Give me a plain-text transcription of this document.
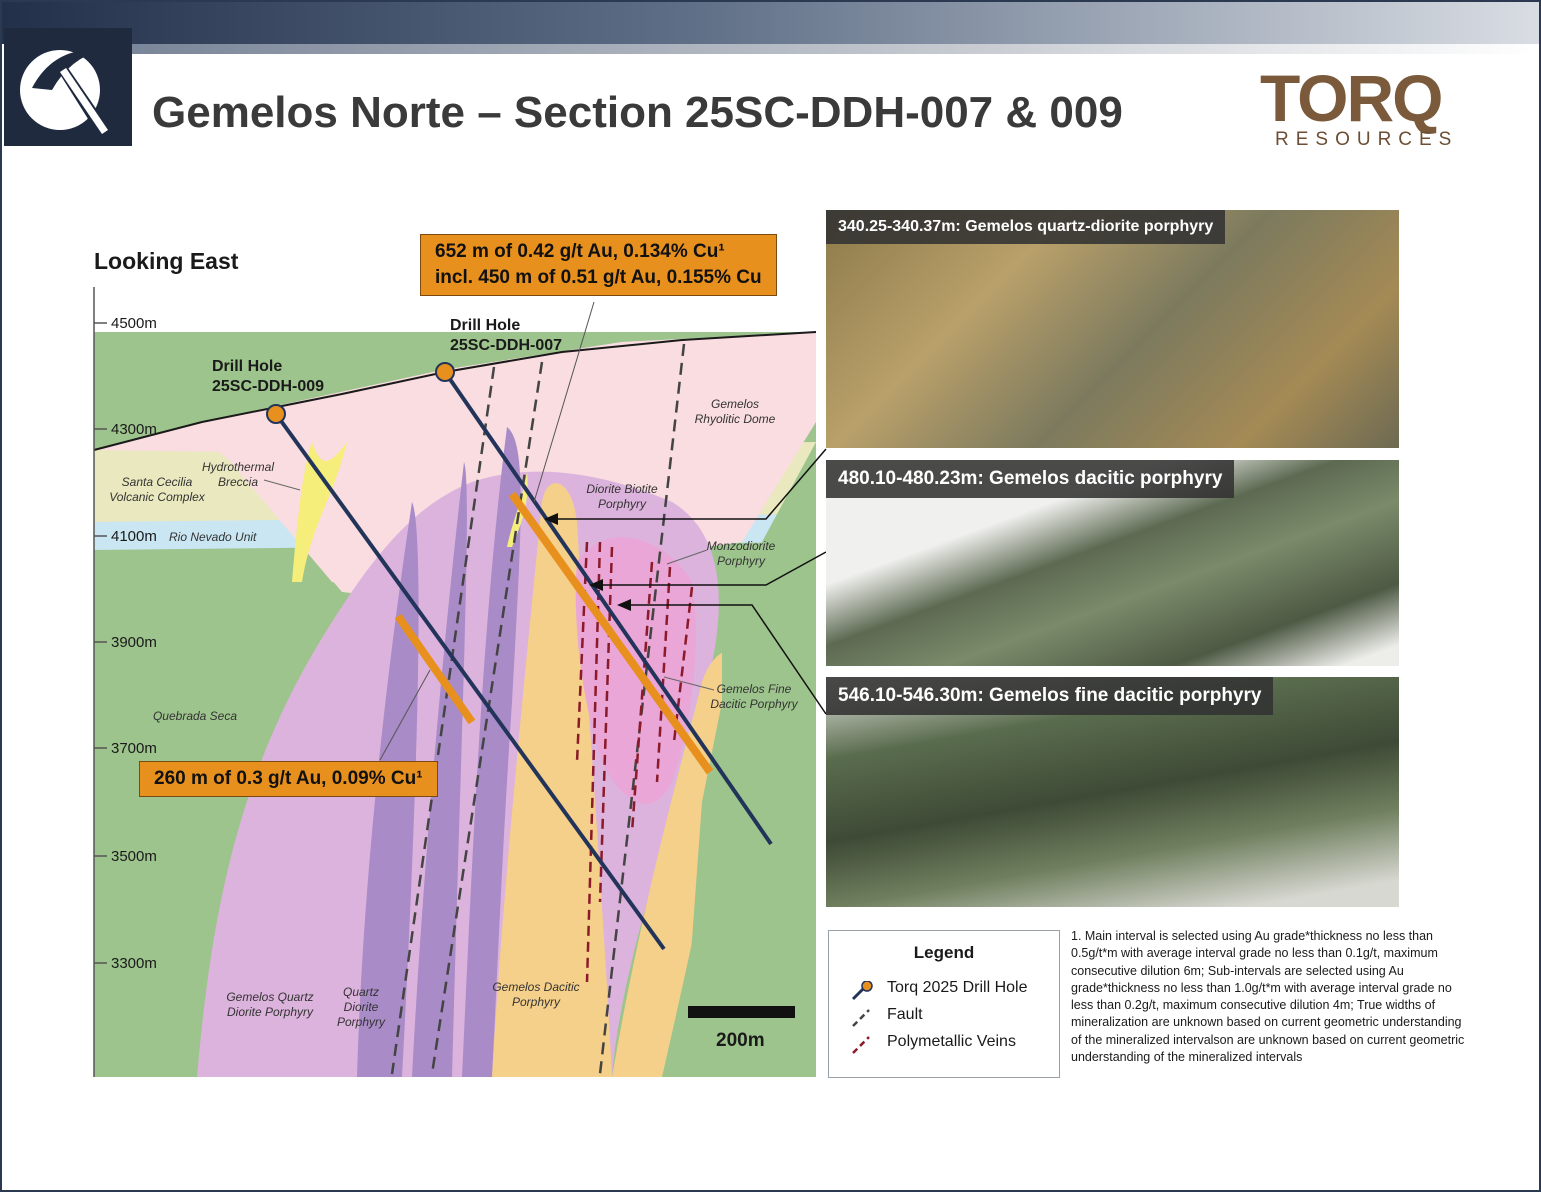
Gemelos Norte – Section 25SC-DDH-007 & 009 TORQ
RESOURCES
Looking East
4500m
4300m
4100m
3900m
3700m
3500m
3300m
Santa Cecilia
Volcanic Complex
Hydrothermal
Breccia
Rio Nevado Unit
Quebrada Seca
Gemelos
Rhyolitic Dome
Diorite Biotite
Porphyry
Monzodiorite
Porphyry
Gemelos Fine
Dacitic Porphyry
Gemelos Quartz
Diorite Porphyry
Quartz
Diorite
Porphyry
Gemelos Dacitic
Porphyry
Drill Hole
25SC-DDH-009
Drill Hole
25SC-DDH-007
652 m of 0.42 g/t Au, 0.134% Cu¹
incl. 450 m of 0.51 g/t Au, 0.155% Cu
260 m of 0.3 g/t Au, 0.09% Cu¹
200m
340.25-340.37m: Gemelos quartz-diorite porphyry
480.10-480.23m: Gemelos dacitic porphyry
546.10-546.30m: Gemelos fine dacitic porphyry
Legend
Torq 2025 Drill Hole
Fault
Polymetallic Veins
1. Main interval is selected using Au grade*thickness no less than 0.5g/t*m with average interval grade no less than 0.1g/t, maximum consecutive dilution 6m; Sub-intervals are selected using Au grade*thickness no less than 1.0g/t*m with average interval grade no less than 0.2g/t, maximum consecutive dilution 4m; True widths of mineralization are unknown based on current geometric understanding of the mineralized intervalson are unknown based on current geometric understanding of the mineralized intervals
